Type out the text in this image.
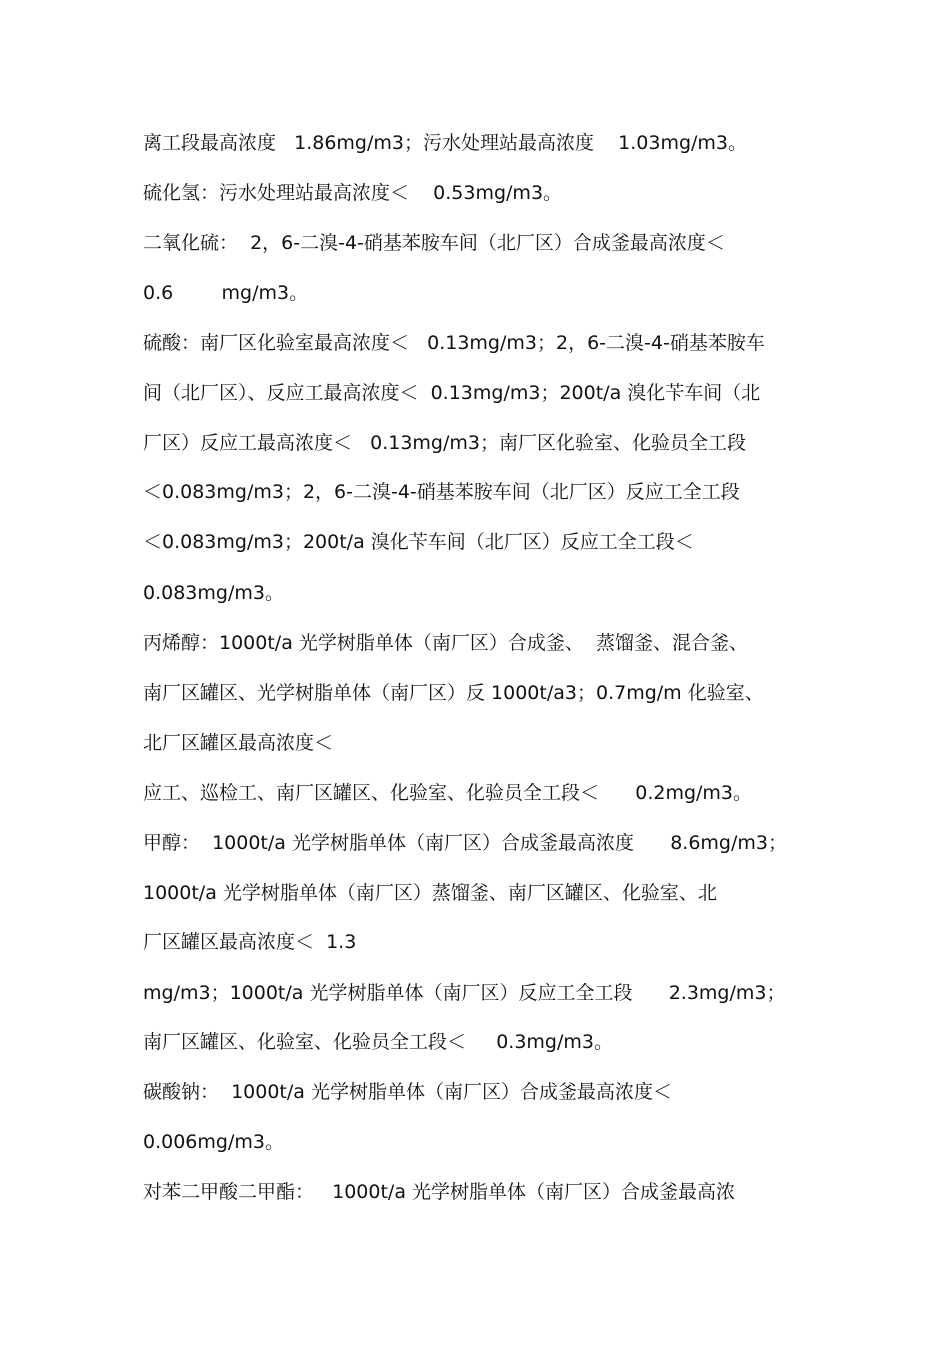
离工段最高浓度   1.86mg/m3；污水处理站最高浓度    1.03mg/m3。
硫化氢：污水处理站最高浓度＜    0.53mg/m3。
二氧化硫：  2，6-二溴-4-硝基苯胺车间（北厂区）合成釜最高浓度＜
0.6        mg/m3。
硫酸：南厂区化验室最高浓度＜   0.13mg/m3；2，6-二溴-4-硝基苯胺车
间（北厂区）、反应工最高浓度＜  0.13mg/m3；200t/a 溴化苄车间（北
厂区）反应工最高浓度＜   0.13mg/m3；南厂区化验室、化验员全工段
＜0.083mg/m3；2，6-二溴-4-硝基苯胺车间（北厂区）反应工全工段
＜0.083mg/m3；200t/a 溴化苄车间（北厂区）反应工全工段＜
0.083mg/m3。
丙烯醇：1000t/a 光学树脂单体（南厂区）合成釜、  蒸馏釜、混合釜、
南厂区罐区、光学树脂单体（南厂区）反 1000t/a3；0.7mg/m 化验室、
北厂区罐区最高浓度＜
应工、巡检工、南厂区罐区、化验室、化验员全工段＜      0.2mg/m3。
甲醇：  1000t/a 光学树脂单体（南厂区）合成釜最高浓度      8.6mg/m3；
1000t/a 光学树脂单体（南厂区）蒸馏釜、南厂区罐区、化验室、北
厂区罐区最高浓度＜  1.3
mg/m3；1000t/a 光学树脂单体（南厂区）反应工全工段      2.3mg/m3；
南厂区罐区、化验室、化验员全工段＜     0.3mg/m3。
碳酸钠：  1000t/a 光学树脂单体（南厂区）合成釜最高浓度＜
0.006mg/m3。
对苯二甲酸二甲酯：   1000t/a 光学树脂单体（南厂区）合成釜最高浓
